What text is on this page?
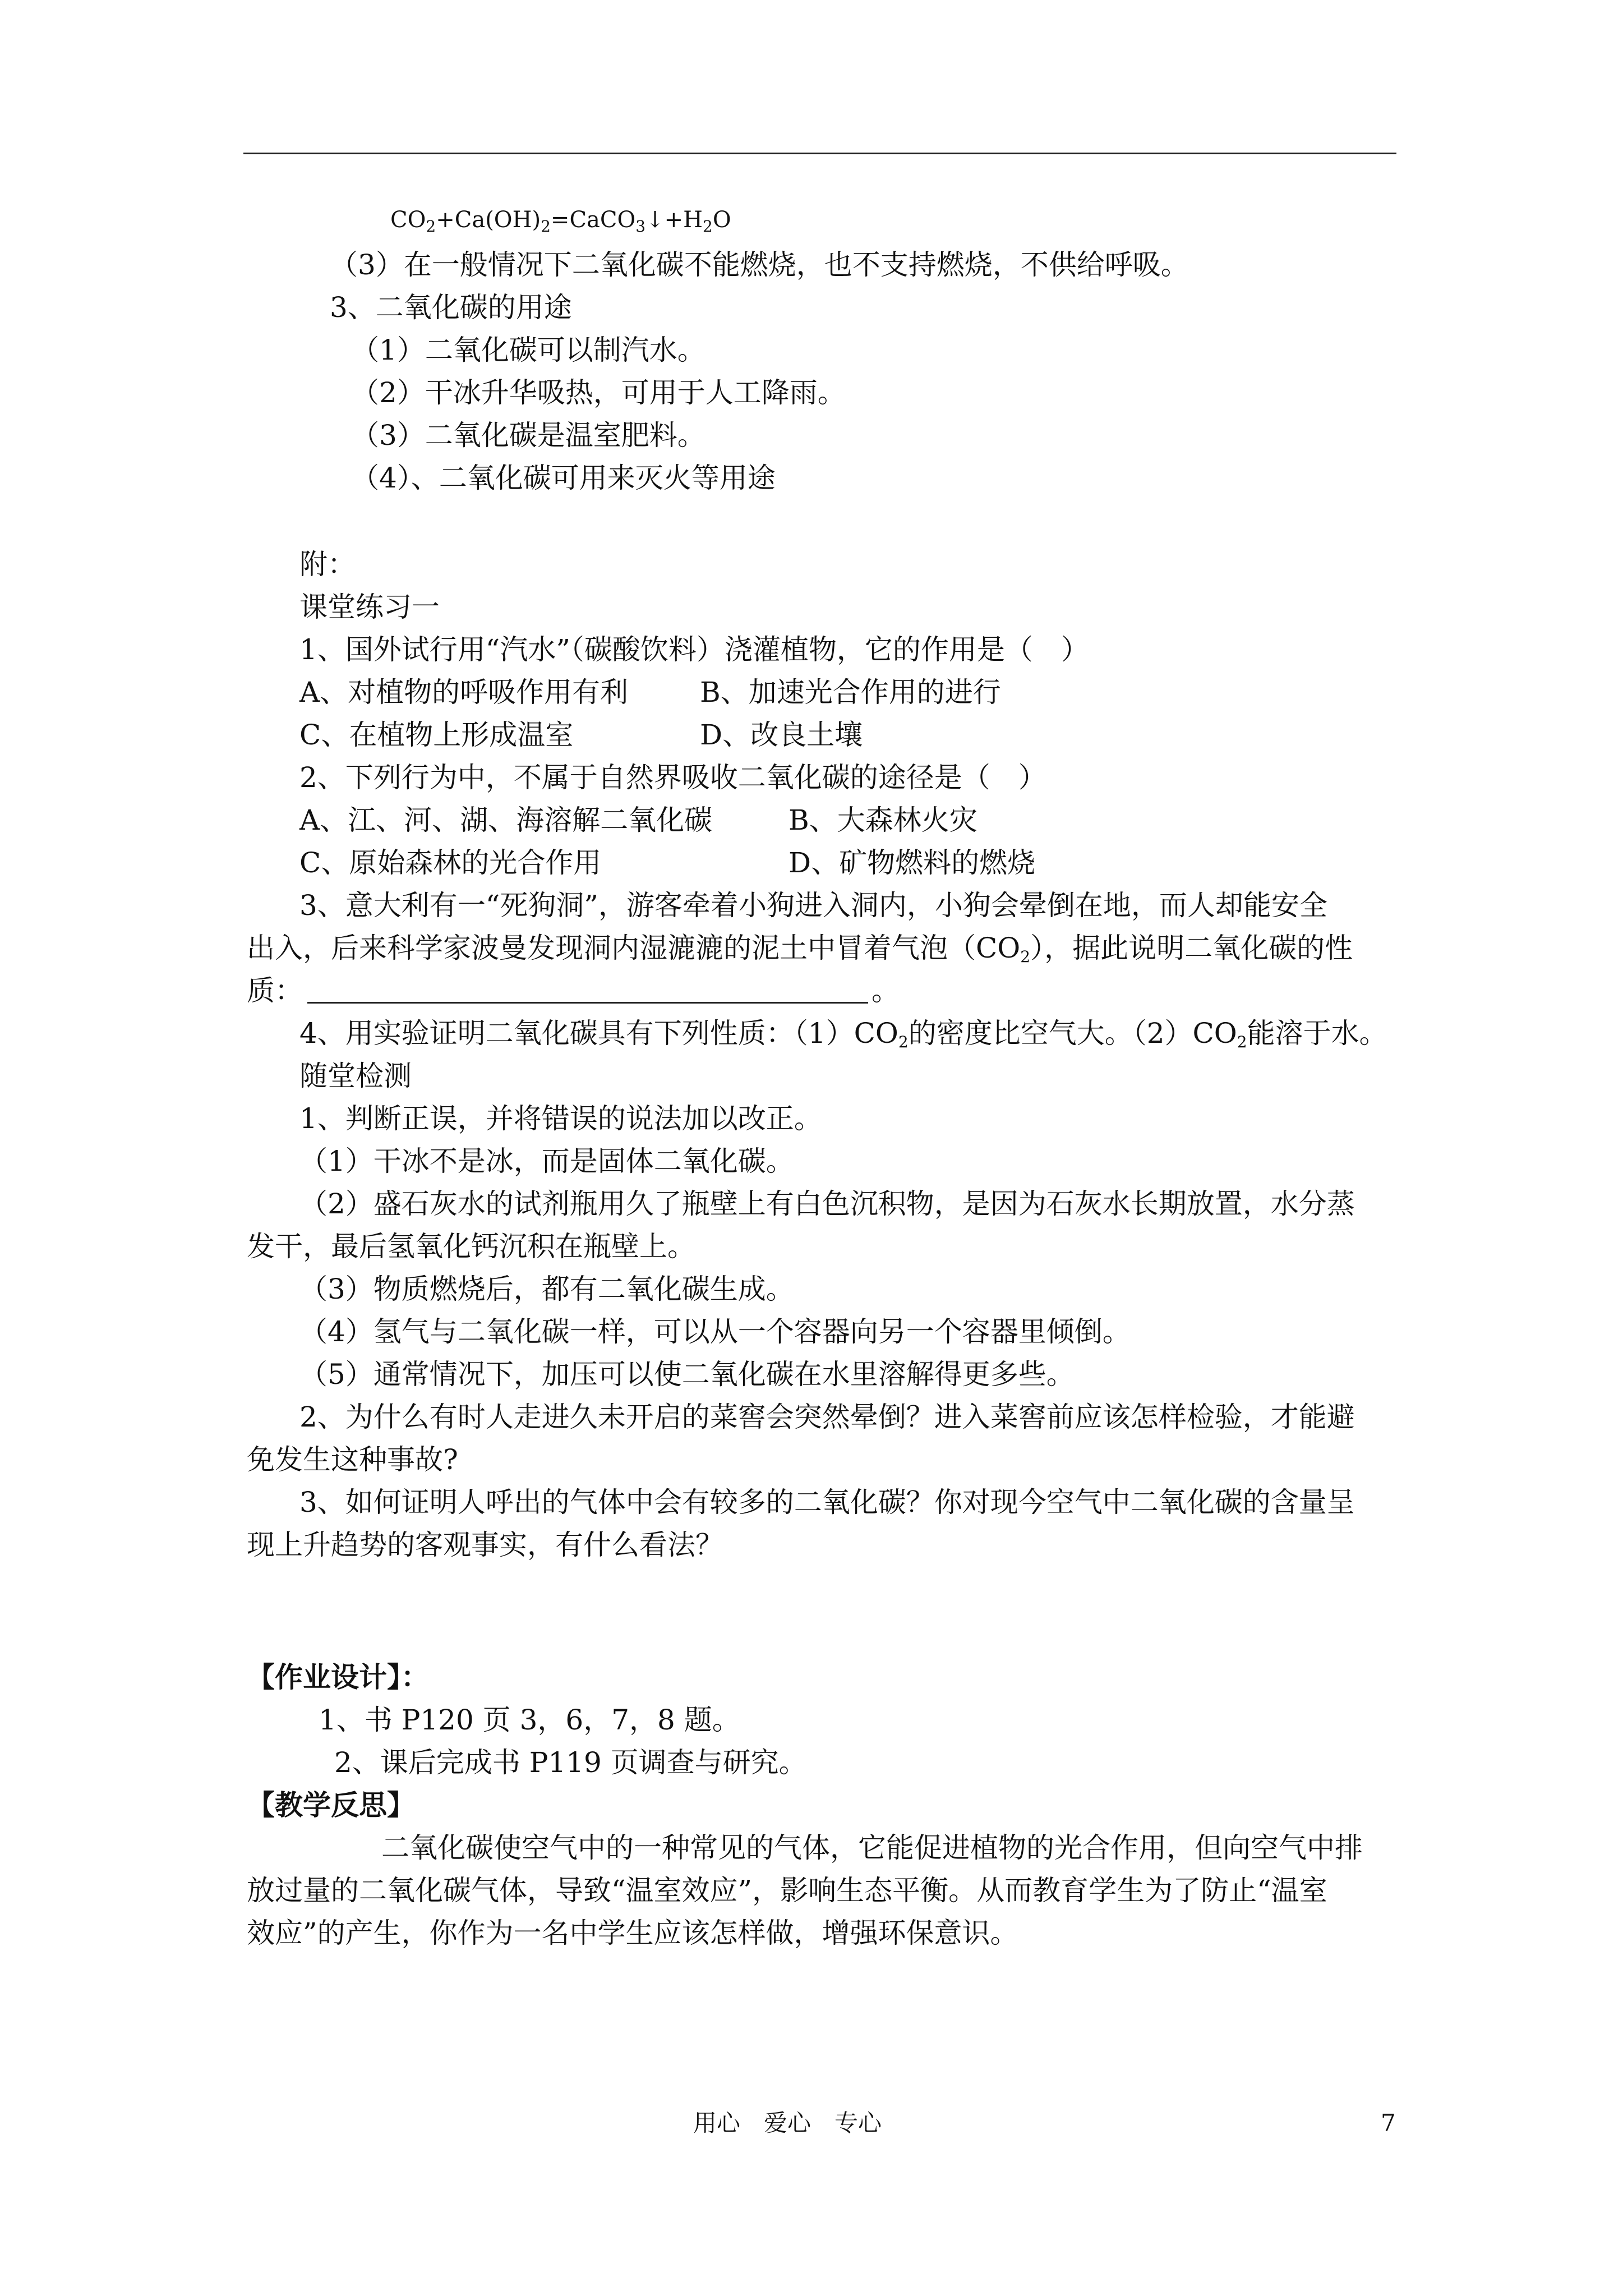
$CO_2+Ca(OH)_2=CaCO_3↓+H_2O$
（3）在一般情况下二氧化碳不能燃烧，也不支持燃烧，不供给呼吸。
3、二氧化碳的用途
（1）二氧化碳可以制汽水。
（2）干冰升华吸热，可用于人工降雨。
（3）二氧化碳是温室肥料。
（4）、二氧化碳可用来灭火等用途
附：
课堂练习一
1、国外试行用“汽水”（碳酸饮料）浇灌植物，它的作用是（　）
A、对植物的呼吸作用有利	B、加速光合作用的进行
C、在植物上形成温室	D、改良土壤
2、下列行为中，不属于自然界吸收二氧化碳的途径是（　）
A、江、河、湖、海溶解二氧化碳	B、大森林火灾
C、原始森林的光合作用	D、矿物燃料的燃烧
3、意大利有一“死狗洞”，游客牵着小狗进入洞内，小狗会晕倒在地，而人却能安全
出入，后来科学家波曼发现洞内湿漉漉的泥土中冒着气泡$(CO_2)$，据此说明二氧化碳的性
质：	。
4、用实验证明二氧化碳具有下列性质：$(1)CO_2$的密度比空气大。$(2)CO_2$能溶于水。
随堂检测
1、判断正误，并将错误的说法加以改正。
（1）干冰不是冰，而是固体二氧化碳。
（2）盛石灰水的试剂瓶用久了瓶壁上有白色沉积物，是因为石灰水长期放置，水分蒸
发干，最后氢氧化钙沉积在瓶壁上。
（3）物质燃烧后，都有二氧化碳生成。
（4）氢气与二氧化碳一样，可以从一个容器向另一个容器里倾倒。
（5）通常情况下，加压可以使二氧化碳在水里溶解得更多些。
2、为什么有时人走进久未开启的菜窖会突然晕倒？进入菜窖前应该怎样检验，才能避
免发生这种事故?
3、如何证明人呼出的气体中会有较多的二氧化碳？你对现今空气中二氧化碳的含量呈
现上升趋势的客观事实，有什么看法？
【作业设计】：
1、书 P120 页 3，6，7，8 题。
2、课后完成书 P119 页调查与研究。
【教学反思】
二氧化碳使空气中的一种常见的气体，它能促进植物的光合作用，但向空气中排
放过量的二氧化碳气体，导致“温室效应”，影响生态平衡。从而教育学生为了防止“温室
效应”的产生，你作为一名中学生应该怎样做，增强环保意识。
用心　爱心　专心	7
